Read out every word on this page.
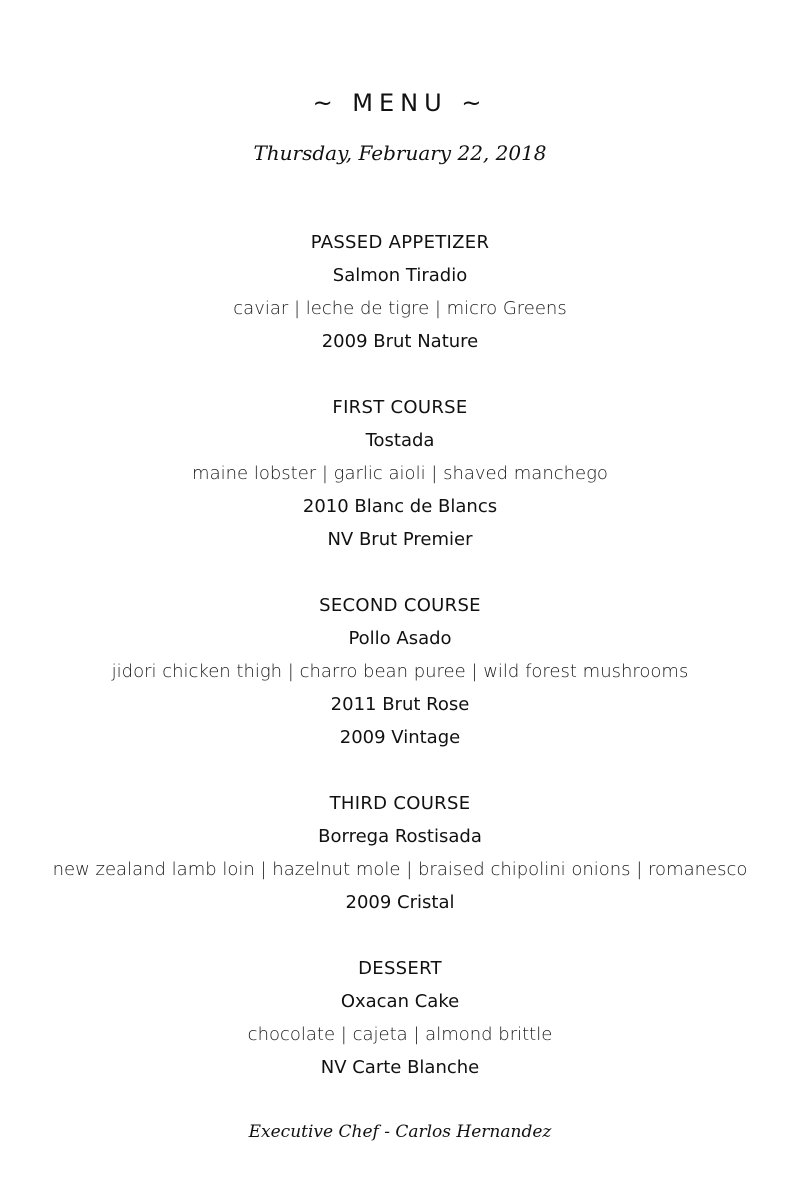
~ MENU ~
Thursday, February 22, 2018
PASSED APPETIZER
Salmon Tiradio
caviar | leche de tigre | micro Greens
2009 Brut Nature
FIRST COURSE
Tostada
maine lobster | garlic aioli | shaved manchego
2010 Blanc de Blancs
NV Brut Premier
SECOND COURSE
Pollo Asado
jidori chicken thigh | charro bean puree | wild forest mushrooms
2011 Brut Rose
2009 Vintage
THIRD COURSE
Borrega Rostisada
new zealand lamb loin | hazelnut mole | braised chipolini onions | romanesco
2009 Cristal
DESSERT
Oxacan Cake
chocolate | cajeta | almond brittle
NV Carte Blanche
Executive Chef - Carlos Hernandez
